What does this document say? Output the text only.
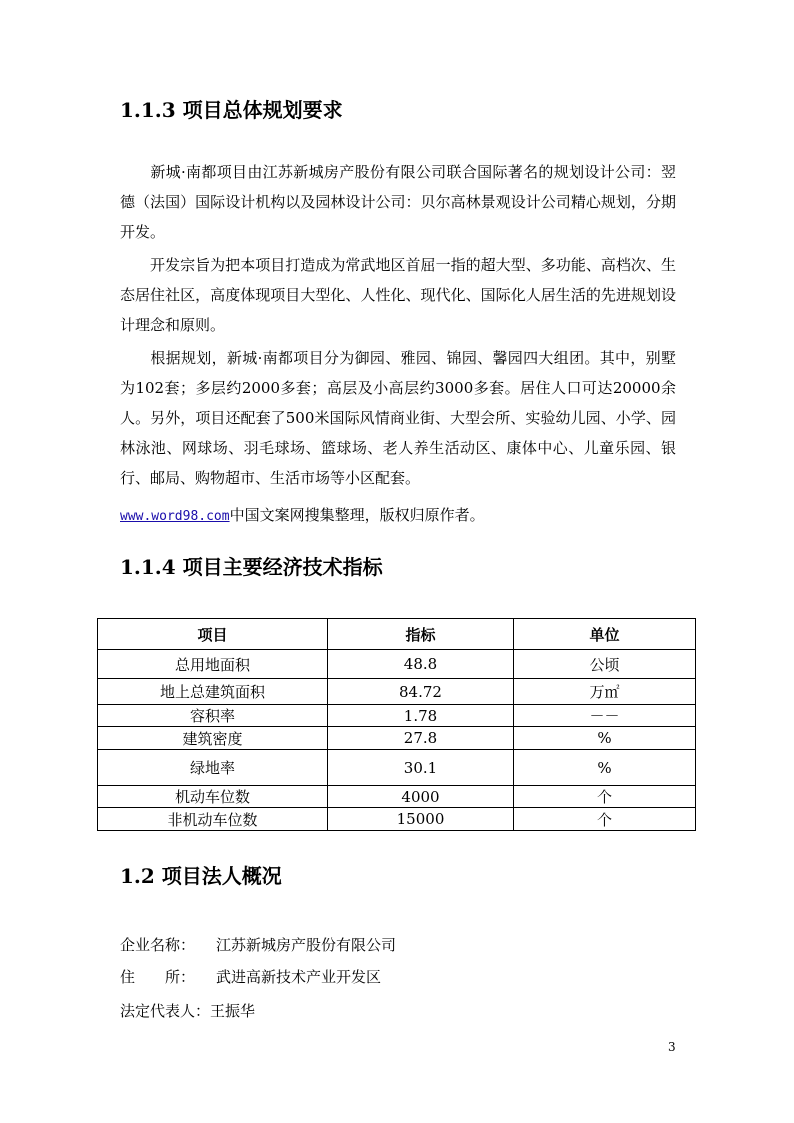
1.1.3 项目总体规划要求

新城·南都项目由江苏新城房产股份有限公司联合国际著名的规划设计公司：翌德（法国）国际设计机构以及园林设计公司：贝尔高林景观设计公司精心规划，分期开发。

开发宗旨为把本项目打造成为常武地区首屈一指的超大型、多功能、高档次、生态居住社区，高度体现项目大型化、人性化、现代化、国际化人居生活的先进规划设计理念和原则。

根据规划，新城·南都项目分为御园、雅园、锦园、馨园四大组团。其中，别墅为102套；多层约2000多套；高层及小高层约3000多套。居住人口可达20000余人。另外，项目还配套了500米国际风情商业街、大型会所、实验幼儿园、小学、园林泳池、网球场、羽毛球场、篮球场、老人养生活动区、康体中心、儿童乐园、银行、邮局、购物超市、生活市场等小区配套。

www.word98.com中国文案网搜集整理，版权归原作者。

1.1.4 项目主要经济技术指标
项目	指标	单位
总用地面积	48.8	公顷
地上总建筑面积	84.72	万㎡
容积率	1.78	－－
建筑密度	27.8	%
绿地率	30.1	%
机动车位数	4000	个
非机动车位数	15000	个
1.2 项目法人概况
企业名称： 江苏新城房产股份有限公司
住　　所： 武进高新技术产业开发区
法定代表人：王振华
3
